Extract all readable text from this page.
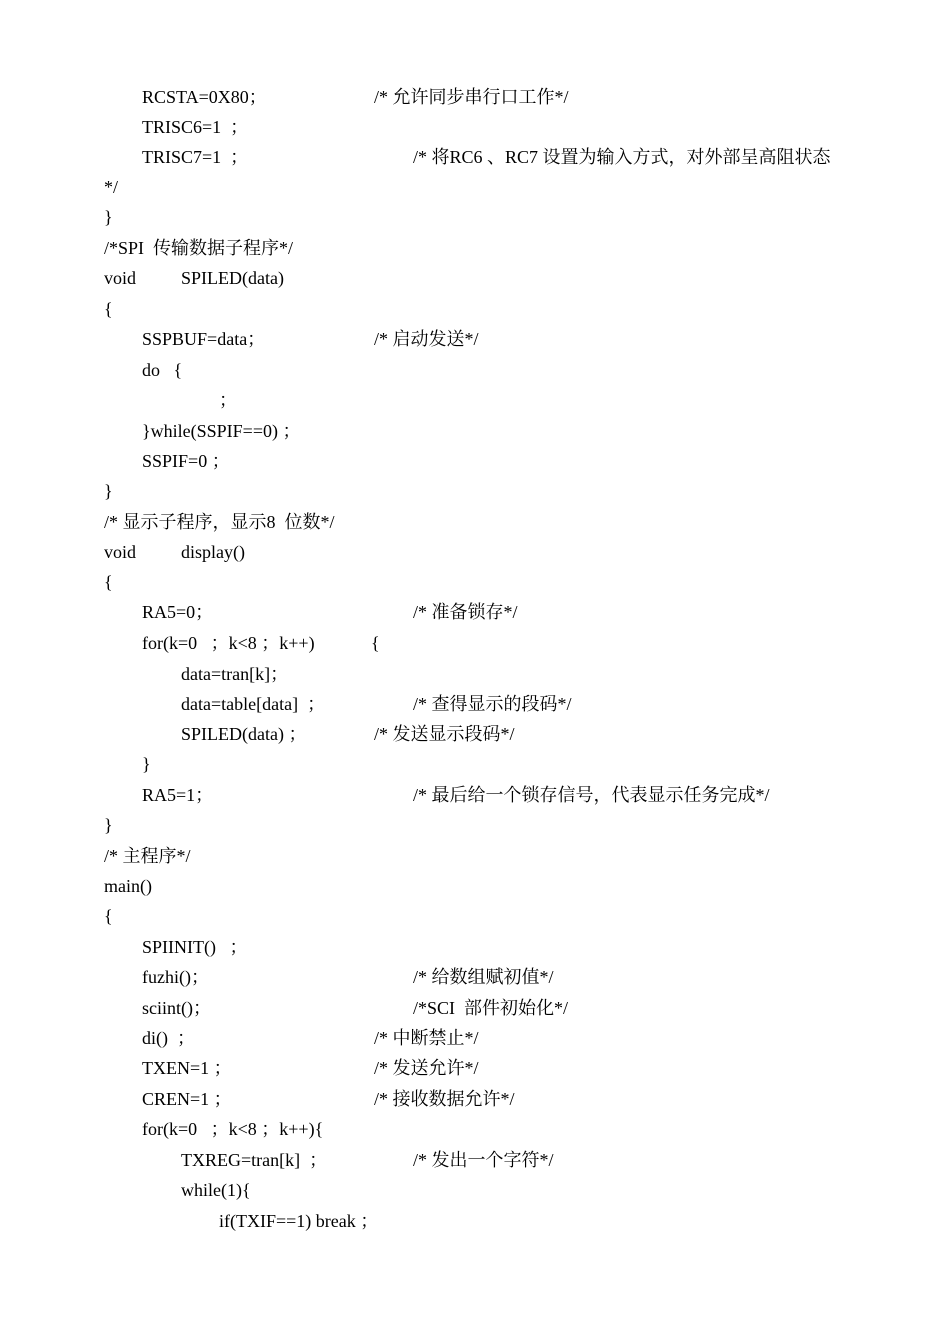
RCSTA=0X80；	/* 允许同步串行口工作*/
TRISC6=1  ；
TRISC7=1  ；	/* 将RC6 、RC7 设置为输入方式，对外部呈高阻状态
*/
}
/*SPI  传输数据子程序*/
void SPILED(data)
{
SSPBUF=data；	/* 启动发送*/
do   {
；
}while(SSPIF==0) ；
SSPIF=0 ；
}
/* 显示子程序，显示8  位数*/
void display()
{
RA5=0；	/* 准备锁存*/
for(k=0   ；k<8 ；k++)	{
data=tran[k]；
data=table[data]  ；	/* 查得显示的段码*/
SPILED(data) ；	/* 发送显示段码*/
}
RA5=1；	/* 最后给一个锁存信号，代表显示任务完成*/
}
/* 主程序*/
main()
{
SPIINIT()   ；
fuzhi()；	/* 给数组赋初值*/
sciint()；	/*SCI  部件初始化*/
di()  ；	/* 中断禁止*/
TXEN=1 ；	/* 发送允许*/
CREN=1 ；	/* 接收数据允许*/
for(k=0   ；k<8 ；k++){
TXREG=tran[k]  ；	/* 发出一个字符*/
while(1){
if(TXIF==1) break ；
